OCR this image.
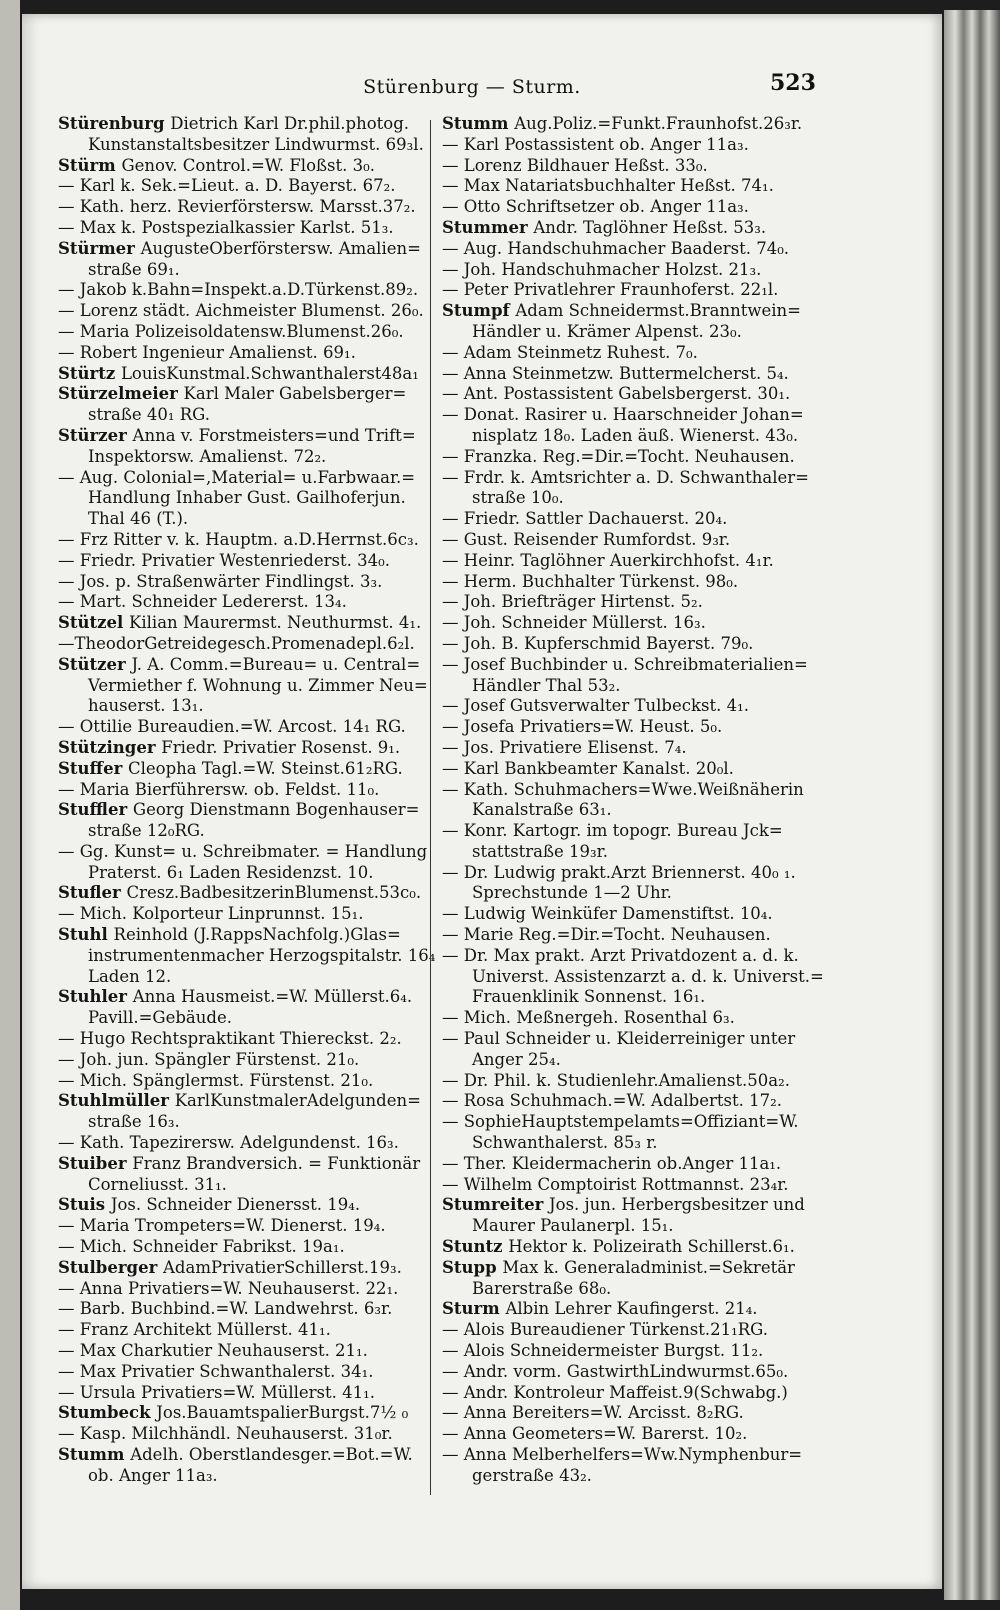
Stürenburg — Sturm.	523
Stürenburg Dietrich Karl Dr.phil.photog.
Kunstanstaltsbesitzer Lindwurmst. 69₃l.
Stürm Genov. Control.=W. Floßst. 3₀.
— Karl k. Sek.=Lieut. a. D. Bayerst. 67₂.
— Kath. herz. Revierförstersw. Marsst.37₂.
— Max k. Postspezialkassier Karlst. 51₃.
Stürmer AugusteOberförstersw. Amalien=
straße 69₁.
— Jakob k.Bahn=Inspekt.a.D.Türkenst.89₂.
— Lorenz städt. Aichmeister Blumenst. 26₀.
— Maria Polizeisoldatensw.Blumenst.26₀.
— Robert Ingenieur Amalienst. 69₁.
Stürtz LouisKunstmal.Schwanthalerst48a₁
Stürzelmeier Karl Maler Gabelsberger=
straße 40₁ RG.
Stürzer Anna v. Forstmeisters=und Trift=
Inspektorsw. Amalienst. 72₂.
— Aug. Colonial=,Material= u.Farbwaar.=
Handlung Inhaber Gust. Gailhoferjun.
Thal 46 (T.).
— Frz Ritter v. k. Hauptm. a.D.Herrnst.6c₃.
— Friedr. Privatier Westenriederst. 34₀.
— Jos. p. Straßenwärter Findlingst. 3₃.
— Mart. Schneider Ledererst. 13₄.
Stützel Kilian Maurermst. Neuthurmst. 4₁.
—TheodorGetreidegesch.Promenadepl.6₂l.
Stützer J. A. Comm.=Bureau= u. Central=
Vermiether f. Wohnung u. Zimmer Neu=
hauserst. 13₁.
— Ottilie Bureaudien.=W. Arcost. 14₁ RG.
Stützinger Friedr. Privatier Rosenst. 9₁.
Stuffer Cleopha Tagl.=W. Steinst.61₂RG.
— Maria Bierführersw. ob. Feldst. 11₀.
Stuffler Georg Dienstmann Bogenhauser=
straße 12₀RG.
— Gg. Kunst= u. Schreibmater. = Handlung
Praterst. 6₁ Laden Residenzst. 10.
Stufler Cresz.BadbesitzerinBlumenst.53c₀.
— Mich. Kolporteur Linprunnst. 15₁.
Stuhl Reinhold (J.RappsNachfolg.)Glas=
instrumentenmacher Herzogspitalstr. 16₄
Laden 12.
Stuhler Anna Hausmeist.=W. Müllerst.6₄.
Pavill.=Gebäude.
— Hugo Rechtspraktikant Thiereckst. 2₂.
— Joh. jun. Spängler Fürstenst. 21₀.
— Mich. Spänglermst. Fürstenst. 21₀.
Stuhlmüller KarlKunstmalerAdelgunden=
straße 16₃.
— Kath. Tapezirersw. Adelgundenst. 16₃.
Stuiber Franz Brandversich. = Funktionär
Corneliusst. 31₁.
Stuis Jos. Schneider Dienersst. 19₄.
— Maria Trompeters=W. Dienerst. 19₄.
— Mich. Schneider Fabrikst. 19a₁.
Stulberger AdamPrivatierSchillerst.19₃.
— Anna Privatiers=W. Neuhauserst. 22₁.
— Barb. Buchbind.=W. Landwehrst. 6₃r.
— Franz Architekt Müllerst. 41₁.
— Max Charkutier Neuhauserst. 21₁.
— Max Privatier Schwanthalerst. 34₁.
— Ursula Privatiers=W. Müllerst. 41₁.
Stumbeck Jos.BauamtspalierBurgst.7½ ₀
— Kasp. Milchhändl. Neuhauserst. 31₀r.
Stumm Adelh. Oberstlandesger.=Bot.=W.
ob. Anger 11a₃.
Stumm Aug.Poliz.=Funkt.Fraunhofst.26₃r.
— Karl Postassistent ob. Anger 11a₃.
— Lorenz Bildhauer Heßst. 33₀.
— Max Natariatsbuchhalter Heßst. 74₁.
— Otto Schriftsetzer ob. Anger 11a₃.
Stummer Andr. Taglöhner Heßst. 53₃.
— Aug. Handschuhmacher Baaderst. 74₀.
— Joh. Handschuhmacher Holzst. 21₃.
— Peter Privatlehrer Fraunhoferst. 22₁l.
Stumpf Adam Schneidermst.Branntwein=
Händler u. Krämer Alpenst. 23₀.
— Adam Steinmetz Ruhest. 7₀.
— Anna Steinmetzw. Buttermelcherst. 5₄.
— Ant. Postassistent Gabelsbergerst. 30₁.
— Donat. Rasirer u. Haarschneider Johan=
nisplatz 18₀. Laden äuß. Wienerst. 43₀.
— Franzka. Reg.=Dir.=Tocht. Neuhausen.
— Frdr. k. Amtsrichter a. D. Schwanthaler=
straße 10₀.
— Friedr. Sattler Dachauerst. 20₄.
— Gust. Reisender Rumfordst. 9₃r.
— Heinr. Taglöhner Auerkirchhofst. 4₁r.
— Herm. Buchhalter Türkenst. 98₀.
— Joh. Briefträger Hirtenst. 5₂.
— Joh. Schneider Müllerst. 16₃.
— Joh. B. Kupferschmid Bayerst. 79₀.
— Josef Buchbinder u. Schreibmaterialien=
Händler Thal 53₂.
— Josef Gutsverwalter Tulbeckst. 4₁.
— Josefa Privatiers=W. Heust. 5₀.
— Jos. Privatiere Elisenst. 7₄.
— Karl Bankbeamter Kanalst. 20₀l.
— Kath. Schuhmachers=Wwe.Weißnäherin
Kanalstraße 63₁.
— Konr. Kartogr. im topogr. Bureau Jck=
stattstraße 19₃r.
— Dr. Ludwig prakt.Arzt Briennerst. 40₀ ₁.
Sprechstunde 1—2 Uhr.
— Ludwig Weinküfer Damenstiftst. 10₄.
— Marie Reg.=Dir.=Tocht. Neuhausen.
— Dr. Max prakt. Arzt Privatdozent a. d. k.
Universt. Assistenzarzt a. d. k. Universt.=
Frauenklinik Sonnenst. 16₁.
— Mich. Meßnergeh. Rosenthal 6₃.
— Paul Schneider u. Kleiderreiniger unter
Anger 25₄.
— Dr. Phil. k. Studienlehr.Amalienst.50a₂.
— Rosa Schuhmach.=W. Adalbertst. 17₂.
— SophieHauptstempelamts=Offiziant=W.
Schwanthalerst. 85₃ r.
— Ther. Kleidermacherin ob.Anger 11a₁.
— Wilhelm Comptoirist Rottmannst. 23₄r.
Stumreiter Jos. jun. Herbergsbesitzer und
Maurer Paulanerpl. 15₁.
Stuntz Hektor k. Polizeirath Schillerst.6₁.
Stupp Max k. Generaladminist.=Sekretär
Barerstraße 68₀.
Sturm Albin Lehrer Kaufingerst. 21₄.
— Alois Bureaudiener Türkenst.21₁RG.
— Alois Schneidermeister Burgst. 11₂.
— Andr. vorm. GastwirthLindwurmst.65₀.
— Andr. Kontroleur Maffeist.9(Schwabg.)
— Anna Bereiters=W. Arcisst. 8₂RG.
— Anna Geometers=W. Barerst. 10₂.
— Anna Melberhelfers=Ww.Nymphenbur=
gerstraße 43₂.
